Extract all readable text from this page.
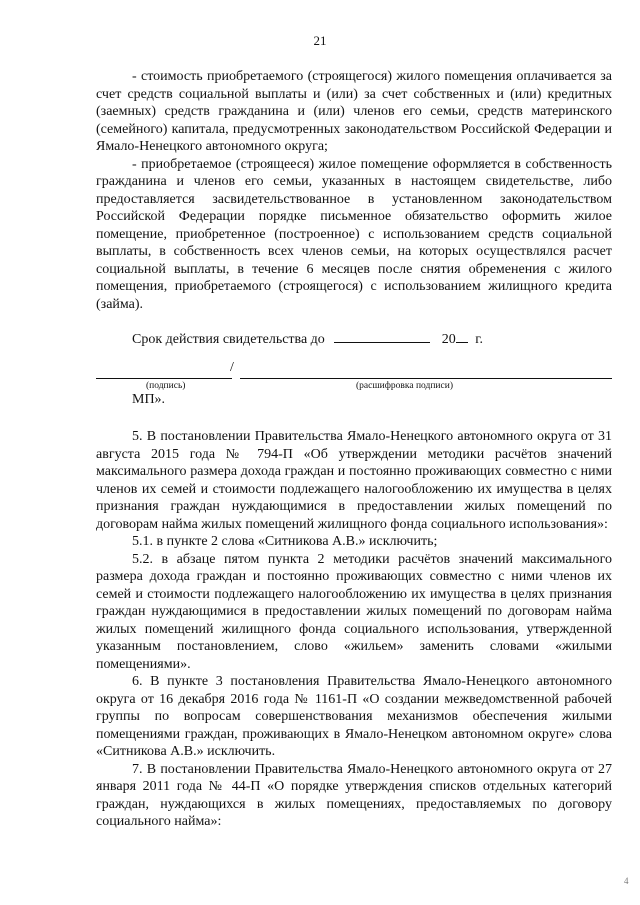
21

- стоимость приобретаемого (строящегося) жилого помещения оплачивается за счет средств социальной выплаты и (или) за счет собственных и (или) кредитных (заемных) средств гражданина и (или) членов его семьи, средств материнского (семейного) капитала, предусмотренных законодательством Российской Федерации и Ямало-Ненецкого автономного округа;

- приобретаемое (строящееся) жилое помещение оформляется в собственность гражданина и членов его семьи, указанных в настоящем свидетельстве, либо предоставляется засвидетельствованное в установленном законодательством Российской Федерации порядке письменное обязательство оформить жилое помещение, приобретенное (построенное) с использованием средств социальной выплаты, в собственность всех членов семьи, на которых осуществлялся расчет социальной выплаты, в течение 6 месяцев после снятия обременения с жилого помещения, приобретаемого (строящегося) с использованием жилищного кредита (займа).

Срок действия свидетельства до	20 г.
/
(подпись)	(расшифровка подписи)
МП».

5. В постановлении Правительства Ямало-Ненецкого автономного округа от 31 августа 2015 года № 794-П «Об утверждении методики расчётов значений максимального размера дохода граждан и постоянно проживающих совместно с ними членов их семей и стоимости подлежащего налогообложению их имущества в целях признания граждан нуждающимися в предоставлении жилых помещений по договорам найма жилых помещений жилищного фонда социального использования»:

5.1. в пункте 2 слова «Ситникова А.В.» исключить;

5.2. в абзаце пятом пункта 2 методики расчётов значений максимального размера дохода граждан и постоянно проживающих совместно с ними членов их семей и стоимости подлежащего налогообложению их имущества в целях признания граждан нуждающимися в предоставлении жилых помещений по договорам найма жилых помещений жилищного фонда социального использования, утвержденной указанным постановлением, слово «жильем» заменить словами «жилыми помещениями».

6. В пункте 3 постановления Правительства Ямало-Ненецкого автономного округа от 16 декабря 2016 года № 1161-П «О создании межведомственной рабочей группы по вопросам совершенствования механизмов обеспечения жилыми помещениями граждан, проживающих в Ямало-Ненецком автономном округе» слова «Ситникова А.В.» исключить.

7. В постановлении Правительства Ямало-Ненецкого автономного округа от 27 января 2011 года № 44-П «О порядке утверждения списков отдельных категорий граждан, нуждающихся в жилых помещениях, предоставляемых по договору социального найма»:

4
